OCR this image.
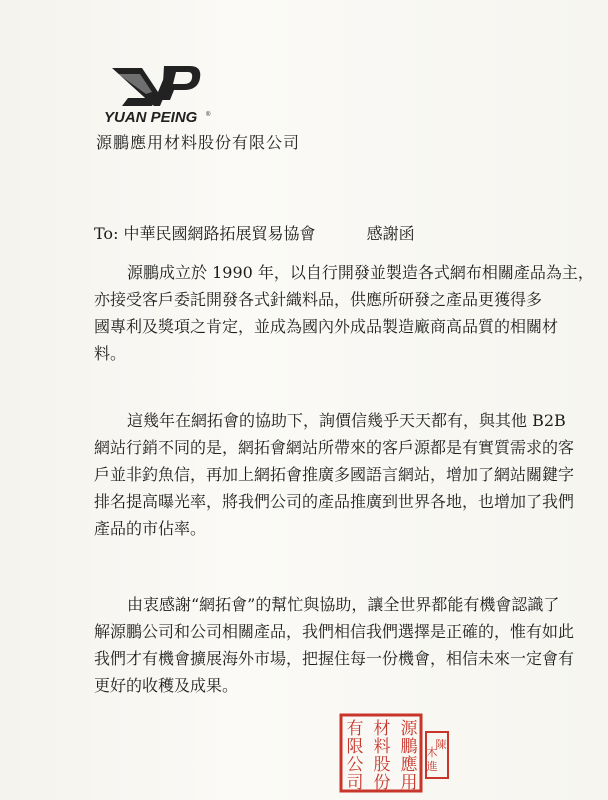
YUAN PEING ®
源鵬應用材料股份有限公司
To: 中華民國網路拓展貿易協會	感謝函
源鵬成立於 1990 年，以自行開發並製造各式網布相關產品為主，
亦接受客戶委託開發各式針織料品，供應所研發之產品更獲得多
國專利及獎項之肯定，並成為國內外成品製造廠商高品質的相關材
料。
這幾年在網拓會的協助下，詢價信幾乎天天都有，與其他 B2B
網站行銷不同的是，網拓會網站所帶來的客戶源都是有實質需求的客
戶並非釣魚信，再加上網拓會推廣多國語言網站，增加了網站關鍵字
排名提高曝光率，將我們公司的產品推廣到世界各地，也增加了我們
產品的市佔率。
由衷感謝“網拓會”的幫忙與協助，讓全世界都能有機會認識了
解源鵬公司和公司相關產品，我們相信我們選擇是正確的，惟有如此
我們才有機會擴展海外市場，把握住每一份機會，相信未來一定會有
更好的收穫及成果。
有 材 源
限 料 鵬
公 股 應
司 份 用
陳
木
進
